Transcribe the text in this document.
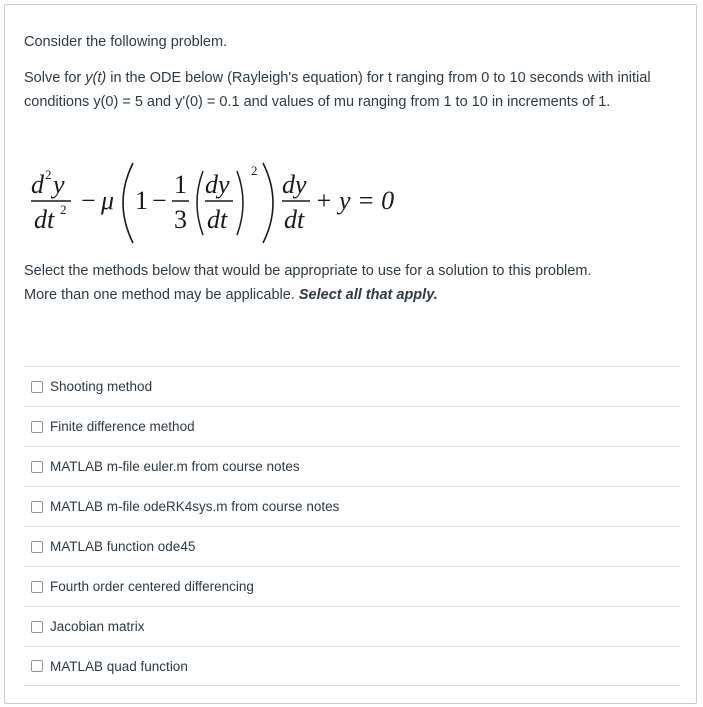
Consider the following problem.
Solve for y(t) in the ODE below (Rayleigh's equation) for t ranging from 0 to 10 seconds with initial conditions y(0) = 5 and y'(0) = 0.1 and values of mu ranging from 1 to 10 in increments of 1.
d 2 y
dt 2 − μ 1 −
1
3
dy
dt
2 dy
dt
+ y = 0
Select the methods below that would be appropriate to use for a solution to this problem.
More than one method may be applicable. Select all that apply.
Shooting method
Finite difference method
MATLAB m-file euler.m from course notes
MATLAB m-file odeRK4sys.m from course notes
MATLAB function ode45
Fourth order centered differencing
Jacobian matrix
MATLAB quad function
